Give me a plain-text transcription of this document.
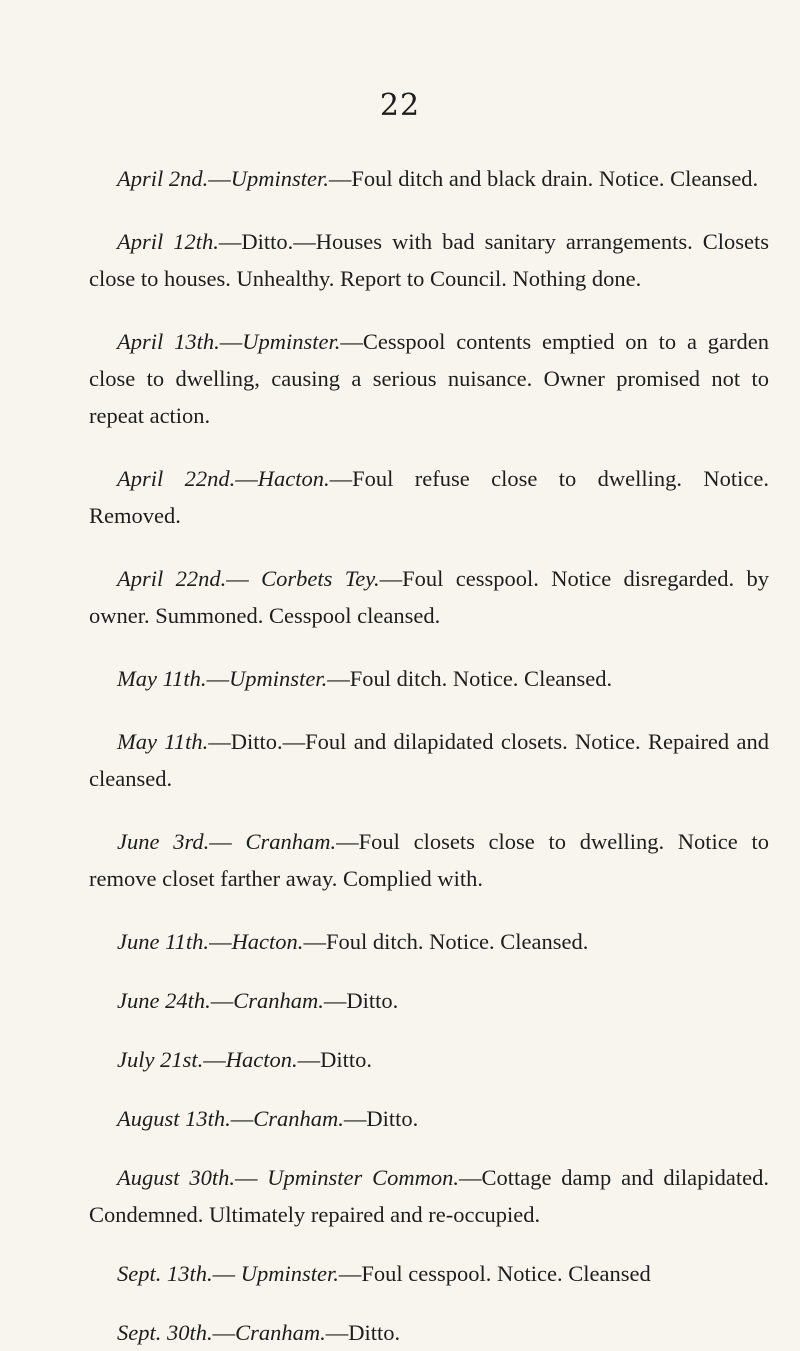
22

April 2nd.—Upminster.—Foul ditch and black drain. Notice. Cleansed.

April 12th.—Ditto.—Houses with bad sanitary arrangements. Closets close to houses. Unhealthy. Report to Council. Nothing done.

April 13th.—Upminster.—Cesspool contents emptied on to a garden close to dwelling, causing a serious nuisance. Owner promised not to repeat action.

April 22nd.—Hacton.—Foul refuse close to dwelling. Notice. Removed.

April 22nd.— Corbets Tey.—Foul cesspool. Notice disregarded. by owner. Summoned. Cesspool cleansed.

May 11th.—Upminster.—Foul ditch. Notice. Cleansed.

May 11th.—Ditto.—Foul and dilapidated closets. Notice. Repaired and cleansed.

June 3rd.— Cranham.—Foul closets close to dwelling. Notice to remove closet farther away. Complied with.

June 11th.—Hacton.—Foul ditch. Notice. Cleansed.

June 24th.—Cranham.—Ditto.

July 21st.—Hacton.—Ditto.

August 13th.—Cranham.—Ditto.

August 30th.— Upminster Common.—Cottage damp and dilapidated. Condemned. Ultimately repaired and re-occupied.

Sept. 13th.— Upminster.—Foul cesspool. Notice. Cleansed

Sept. 30th.—Cranham.—Ditto.
